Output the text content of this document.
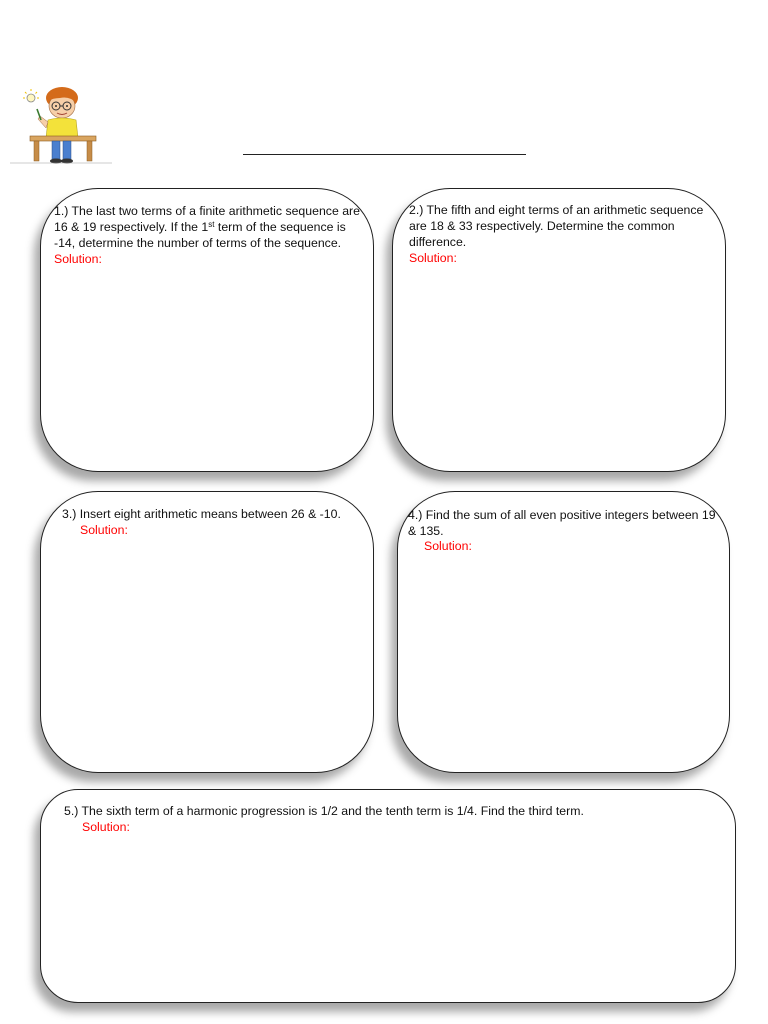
1.) The last two terms of a finite arithmetic sequence are 16 & 19 respectively. If the 1st term of the sequence is -14, determine the number of terms of the sequence.

Solution:

2.) The fifth and eight terms of an arithmetic sequence are 18 & 33 respectively. Determine the common difference.

Solution:

3.) Insert eight arithmetic means between 26 & -10.

Solution:

4.) Find the sum of all even positive integers between 19 & 135.

Solution:

5.) The sixth term of a harmonic progression is 1/2 and the tenth term is 1/4. Find the third term.

Solution:
